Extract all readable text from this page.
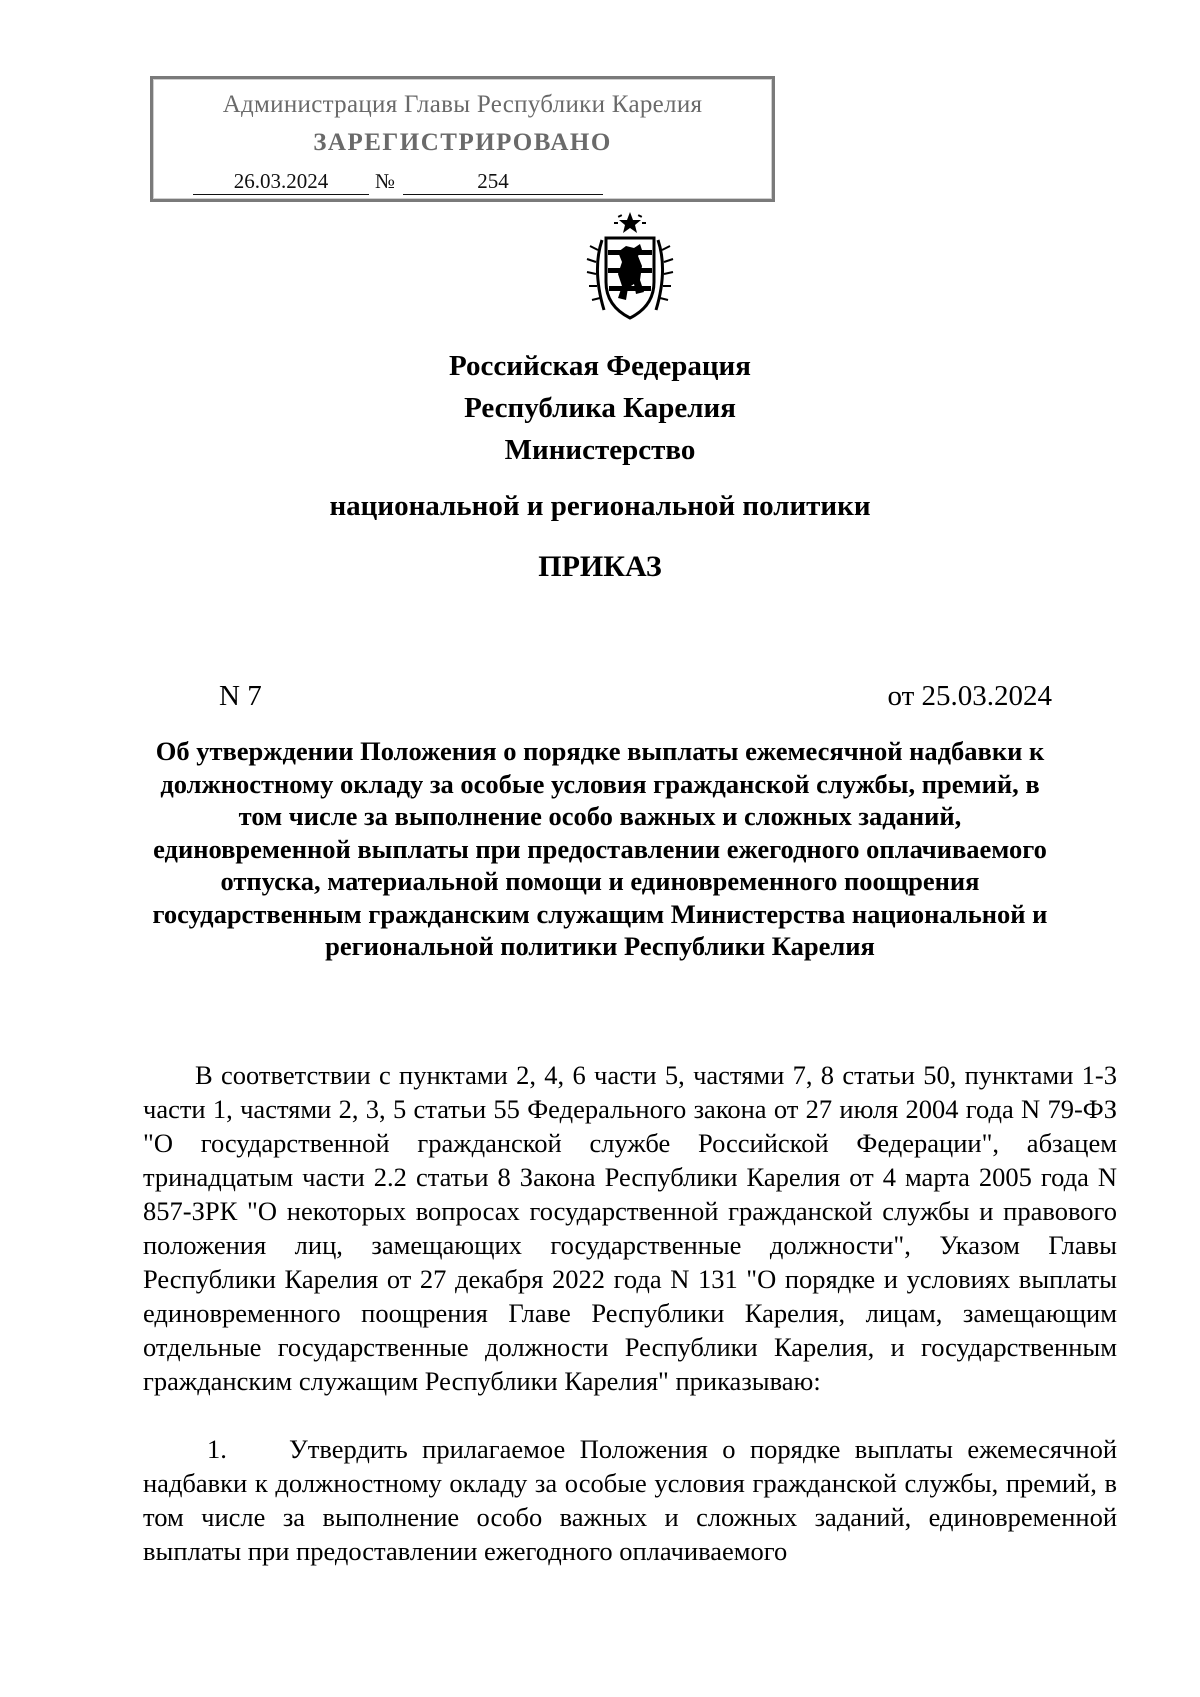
Администрация Главы Республики Карелия
ЗАРЕГИСТРИРОВАНО
26.03.2024	№	254
Российская Федерация
Республика Карелия
Министерство
национальной и региональной политики
ПРИКАЗ
N 7	от 25.03.2024
Об утверждении Положения о порядке выплаты ежемесячной надбавки к должностному окладу за особые условия гражданской службы, премий, в том числе за выполнение особо важных и сложных заданий, единовременной выплаты при предоставлении ежегодного оплачиваемого отпуска, материальной помощи и единовременного поощрения государственным гражданским служащим Министерства национальной и региональной политики Республики Карелия
В соответствии с пунктами 2, 4, 6 части 5, частями 7, 8 статьи 50, пунктами 1-3 части 1, частями 2, 3, 5 статьи 55 Федерального закона от 27 июля 2004 года N 79-ФЗ "О государственной гражданской службе Российской Федерации", абзацем тринадцатым части 2.2 статьи 8 Закона Республики Карелия от 4 марта 2005 года N 857-ЗРК "О некоторых вопросах государственной гражданской службы и правового положения лиц, замещающих государственные должности", Указом Главы Республики Карелия от 27 декабря 2022 года N 131 "О порядке и условиях выплаты единовременного поощрения Главе Республики Карелия, лицам, замещающим отдельные государственные должности Республики Карелия, и государственным гражданским служащим Республики Карелия" приказываю:
1. Утвердить прилагаемое Положения о порядке выплаты ежемесячной надбавки к должностному окладу за особые условия гражданской службы, премий, в том числе за выполнение особо важных и сложных заданий, единовременной выплаты при предоставлении ежегодного оплачиваемого
